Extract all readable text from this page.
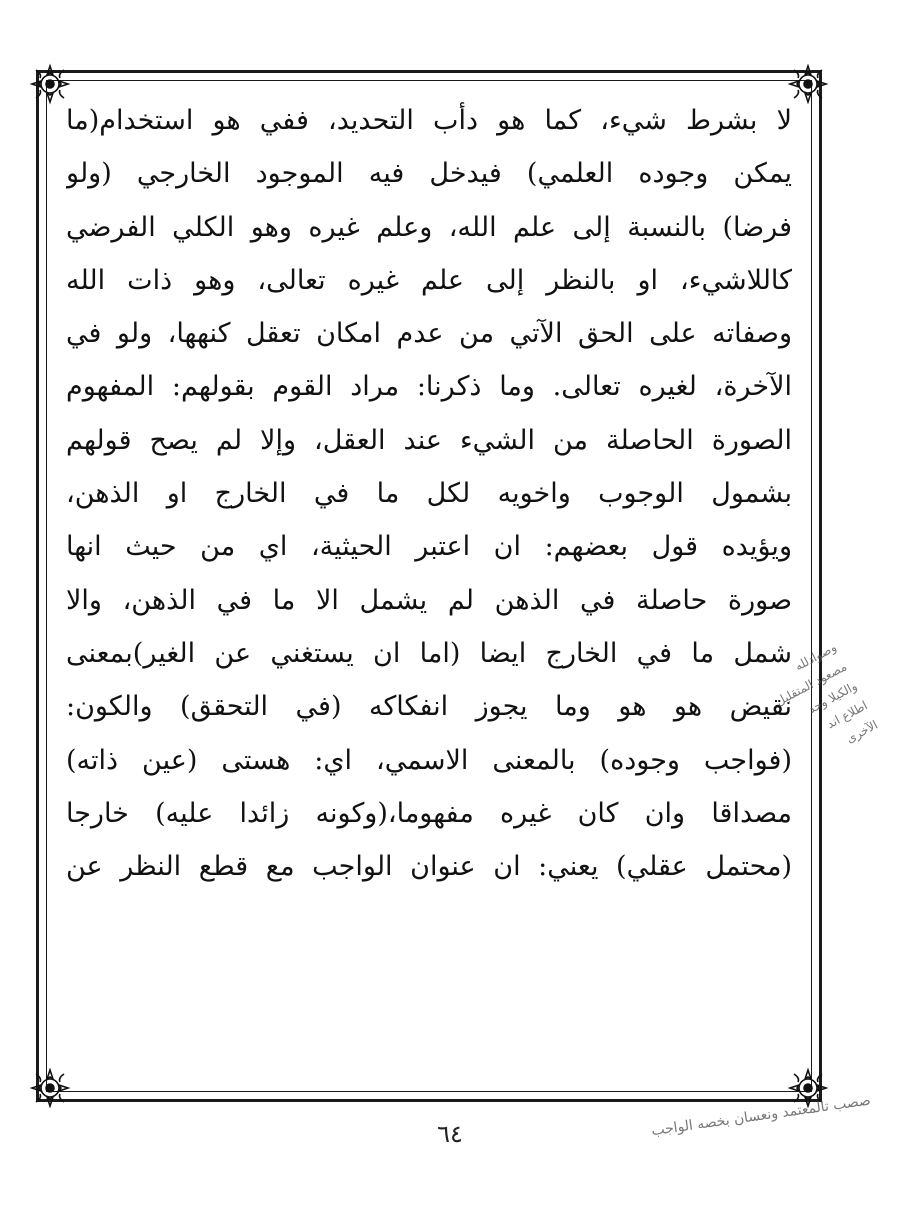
لا بشرط شيء، كما هو دأب التحديد، ففي هو استخدام(ما
يمكن وجوده العلمي) فيدخل فيه الموجود الخارجي (ولو
فرضا) بالنسبة إلى علم الله، وعلم غيره وهو الكلي الفرضي
كاللاشيء، او بالنظر إلى علم غيره تعالى، وهو ذات الله
وصفاته على الحق الآتي من عدم امكان تعقل كنهها، ولو في
الآخرة، لغيره تعالى. وما ذكرنا: مراد القوم بقولهم: المفهوم
الصورة الحاصلة من الشيء عند العقل، وإلا لم يصح قولهم
بشمول الوجوب واخويه لكل ما في الخارج او الذهن،
ويؤيده قول بعضهم: ان اعتبر الحيثية، اي من حيث انها
صورة حاصلة في الذهن لم يشمل الا ما في الذهن، والا
شمل ما في الخارج ايضا (اما ان يستغني عن الغير)بمعنى
نقيض هو هو وما يجوز انفكاكه (في التحقق) والكون:
(فواجب وجوده) بالمعنى الاسمي، اي: هستى (عين ذاته)
مصداقا وان كان غيره مفهوما،(وكونه زائدا عليه) خارجا
(محتمل عقلي) يعني: ان عنوان الواجب مع قطع النظر عن
وصوادلله مصعود المتقليل والكيلا وحد اطلاع اند الآخرى
صصب تالمعتمد ونعسان بخصه الواجب
٦٤
